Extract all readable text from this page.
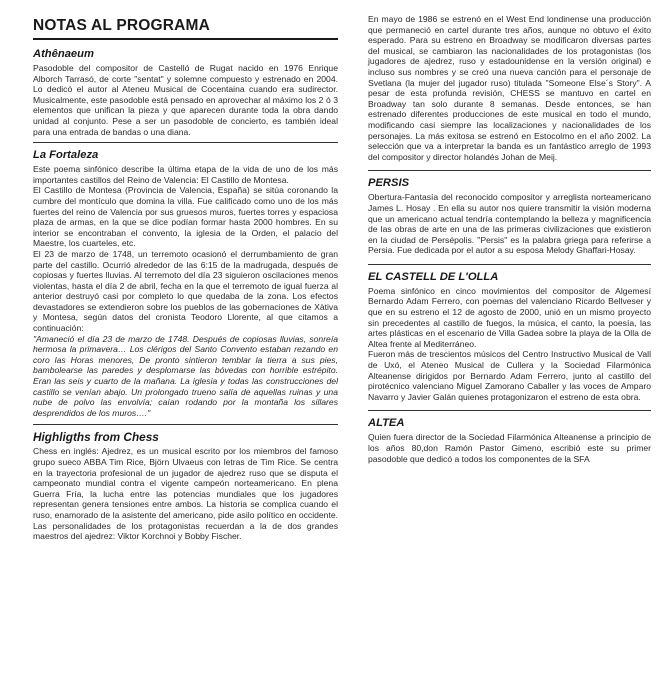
NOTAS AL PROGRAMA
Athênaeum

Pasodoble del compositor de Castelló de Rugat nacido en 1976 Enrique Alborch Tarrasó, de corte "sentat" y solemne compuesto y estrenado en 2004. Lo dedicó el autor al Ateneu Musical de Cocentaina cuando era sudirector. Musicalmente, este pasodoble está pensado en aprovechar al máximo los 2 ó 3 elementos que unifican la pieza y que aparecen durante toda la obra dando unidad al conjunto. Pese a ser un pasodoble de concierto, es también ideal para una entrada de bandas o una diana.

La Fortaleza

Este poema sinfónico describe la última etapa de la vida de uno de los más importantes castillos del Reino de Valencia: El Castillo de Montesa.

El Castillo de Montesa (Provincia de Valencia, España) se sitúa coronando la cumbre del montículo que domina la villa. Fue calificado como uno de los más fuertes del reino de Valencia por sus gruesos muros, fuertes torres y espaciosa plaza de armas, en la que se dice podían formar hasta 2000 hombres. En su interior se encontraban el convento, la iglesia de la Orden, el palacio del Maestre, los cuarteles, etc.

El 23 de marzo de 1748, un terremoto ocasionó el derrumbamiento de gran parte del castillo. Ocurrió alrededor de las 6:15 de la madrugada, después de copiosas y fuertes lluvias. Al terremoto del día 23 siguieron oscilaciones menos violentas, hasta el día 2 de abril, fecha en la que el terremoto de igual fuerza al anterior destruyó casi por completo lo que quedaba de la zona. Los efectos devastadores se extendieron sobre los pueblos de las gobernaciones de Xàtiva y Montesa, según datos del cronista Teodoro Llorente, al que citamos a continuación:

"Amaneció el día 23 de marzo de 1748. Después de copiosas lluvias, sonreía hermosa la primavera… Los clérigos del Santo Convento estaban rezando en coro las Horas menores, De pronto sintieron temblar la tierra a sus pies, bambolearse las paredes y desplomarse las bóvedas con horrible estrépito. Eran las seis y cuarto de la mañana. La iglesia y todas las construcciones del castillo se venían abajo. Un prolongado trueno salía de aquellas ruinas y una nube de polvo las envolvía; caían rodando por la montaña los sillares desprendidos de los muros…."

Highligths from Chess

Chess en inglés: Ajedrez, es un musical escrito por los miembros del famoso grupo sueco ABBA Tim Rice, Björn Ulvaeus con letras de Tim Rice. Se centra en la trayectoria profesional de un jugador de ajedrez ruso que se disputa el campeonato mundial contra el vigente campeón norteamericano. En plena Guerra Fría, la lucha entre las potencias mundiales que los jugadores representan genera tensiones entre ambos. La historia se complica cuando el ruso, enamorado de la asistente del americano, pide asilo político en occidente. Las personalidades de los protagonistas recuerdan a la de dos grandes maestros del ajedrez: Viktor Korchnoi y Bobby Fischer.

En mayo de 1986 se estrenó en el West End londinense una producción que permaneció en cartel durante tres años, aunque no obtuvo el éxito esperado. Para su estreno en Broadway se modificaron diversas partes del musical, se cambiaron las nacionalidades de los protagonistas (los jugadores de ajedrez, ruso y estadounidense en la versión original) e incluso sus nombres y se creó una nueva canción para el personaje de Svetlana (la mujer del jugador ruso) titulada "Someone Else´s Story". A pesar de esta profunda revisión, CHESS se mantuvo en cartel en Broadway tan solo durante 8 semanas. Desde entonces, se han estrenado diferentes producciones de este musical en todo el mundo, modificando casi siempre las localizaciones y nacionalidades de los personajes. La más exitosa se estrenó en Estocolmo en el año 2002. La selección que va a interpretar la banda es un fantástico arreglo de 1993 del compositor y director holandés Johan de Meij.

PERSIS

Obertura-Fantasía del reconocido compositor y arreglista norteamericano James L. Hosay . En ella su autor nos quiere transmitir la visión moderna que un americano actual tendría contemplando la belleza y magnificencia de las obras de arte en una de las primeras civilizaciones que existieron en la ciudad de Persépolis. "Persis" es la palabra griega para referirse a Persia. Fue dedicada por el autor a su esposa Melody Ghaffari-Hosay.

EL CASTELL DE L'OLLA

Poema sinfónico en cinco movimientos del compositor de Algemesí Bernardo Adam Ferrero, con poemas del valenciano Ricardo Bellveser y que en su estreno el 12 de agosto de 2000, unió en un mismo proyecto sin precedentes al castillo de fuegos, la música, el canto, la poesía, las artes plásticas en el escenario de Villa Gadea sobre la playa de la Olla de Altea frente al Mediterráneo.

Fueron más de trescientos músicos del Centro Instructivo Musical de Vall de Uxó, el Ateneo Musical de Cullera y la Sociedad Filarmónica Alteanense dirigidos por Bernardo Adam Ferrero, junto al castillo del pirotécnico valenciano Miguel Zamorano Caballer y las voces de Amparo Navarro y Javier Galán quienes protagonizaron el estreno de esta obra.

ALTEA

Quien fuera director de la Sociedad Filarmónica Alteanense a principio de los años 80,don Ramón Pastor Gimeno, escribió este su primer pasodoble que dedicó a todos los componentes de la SFA
